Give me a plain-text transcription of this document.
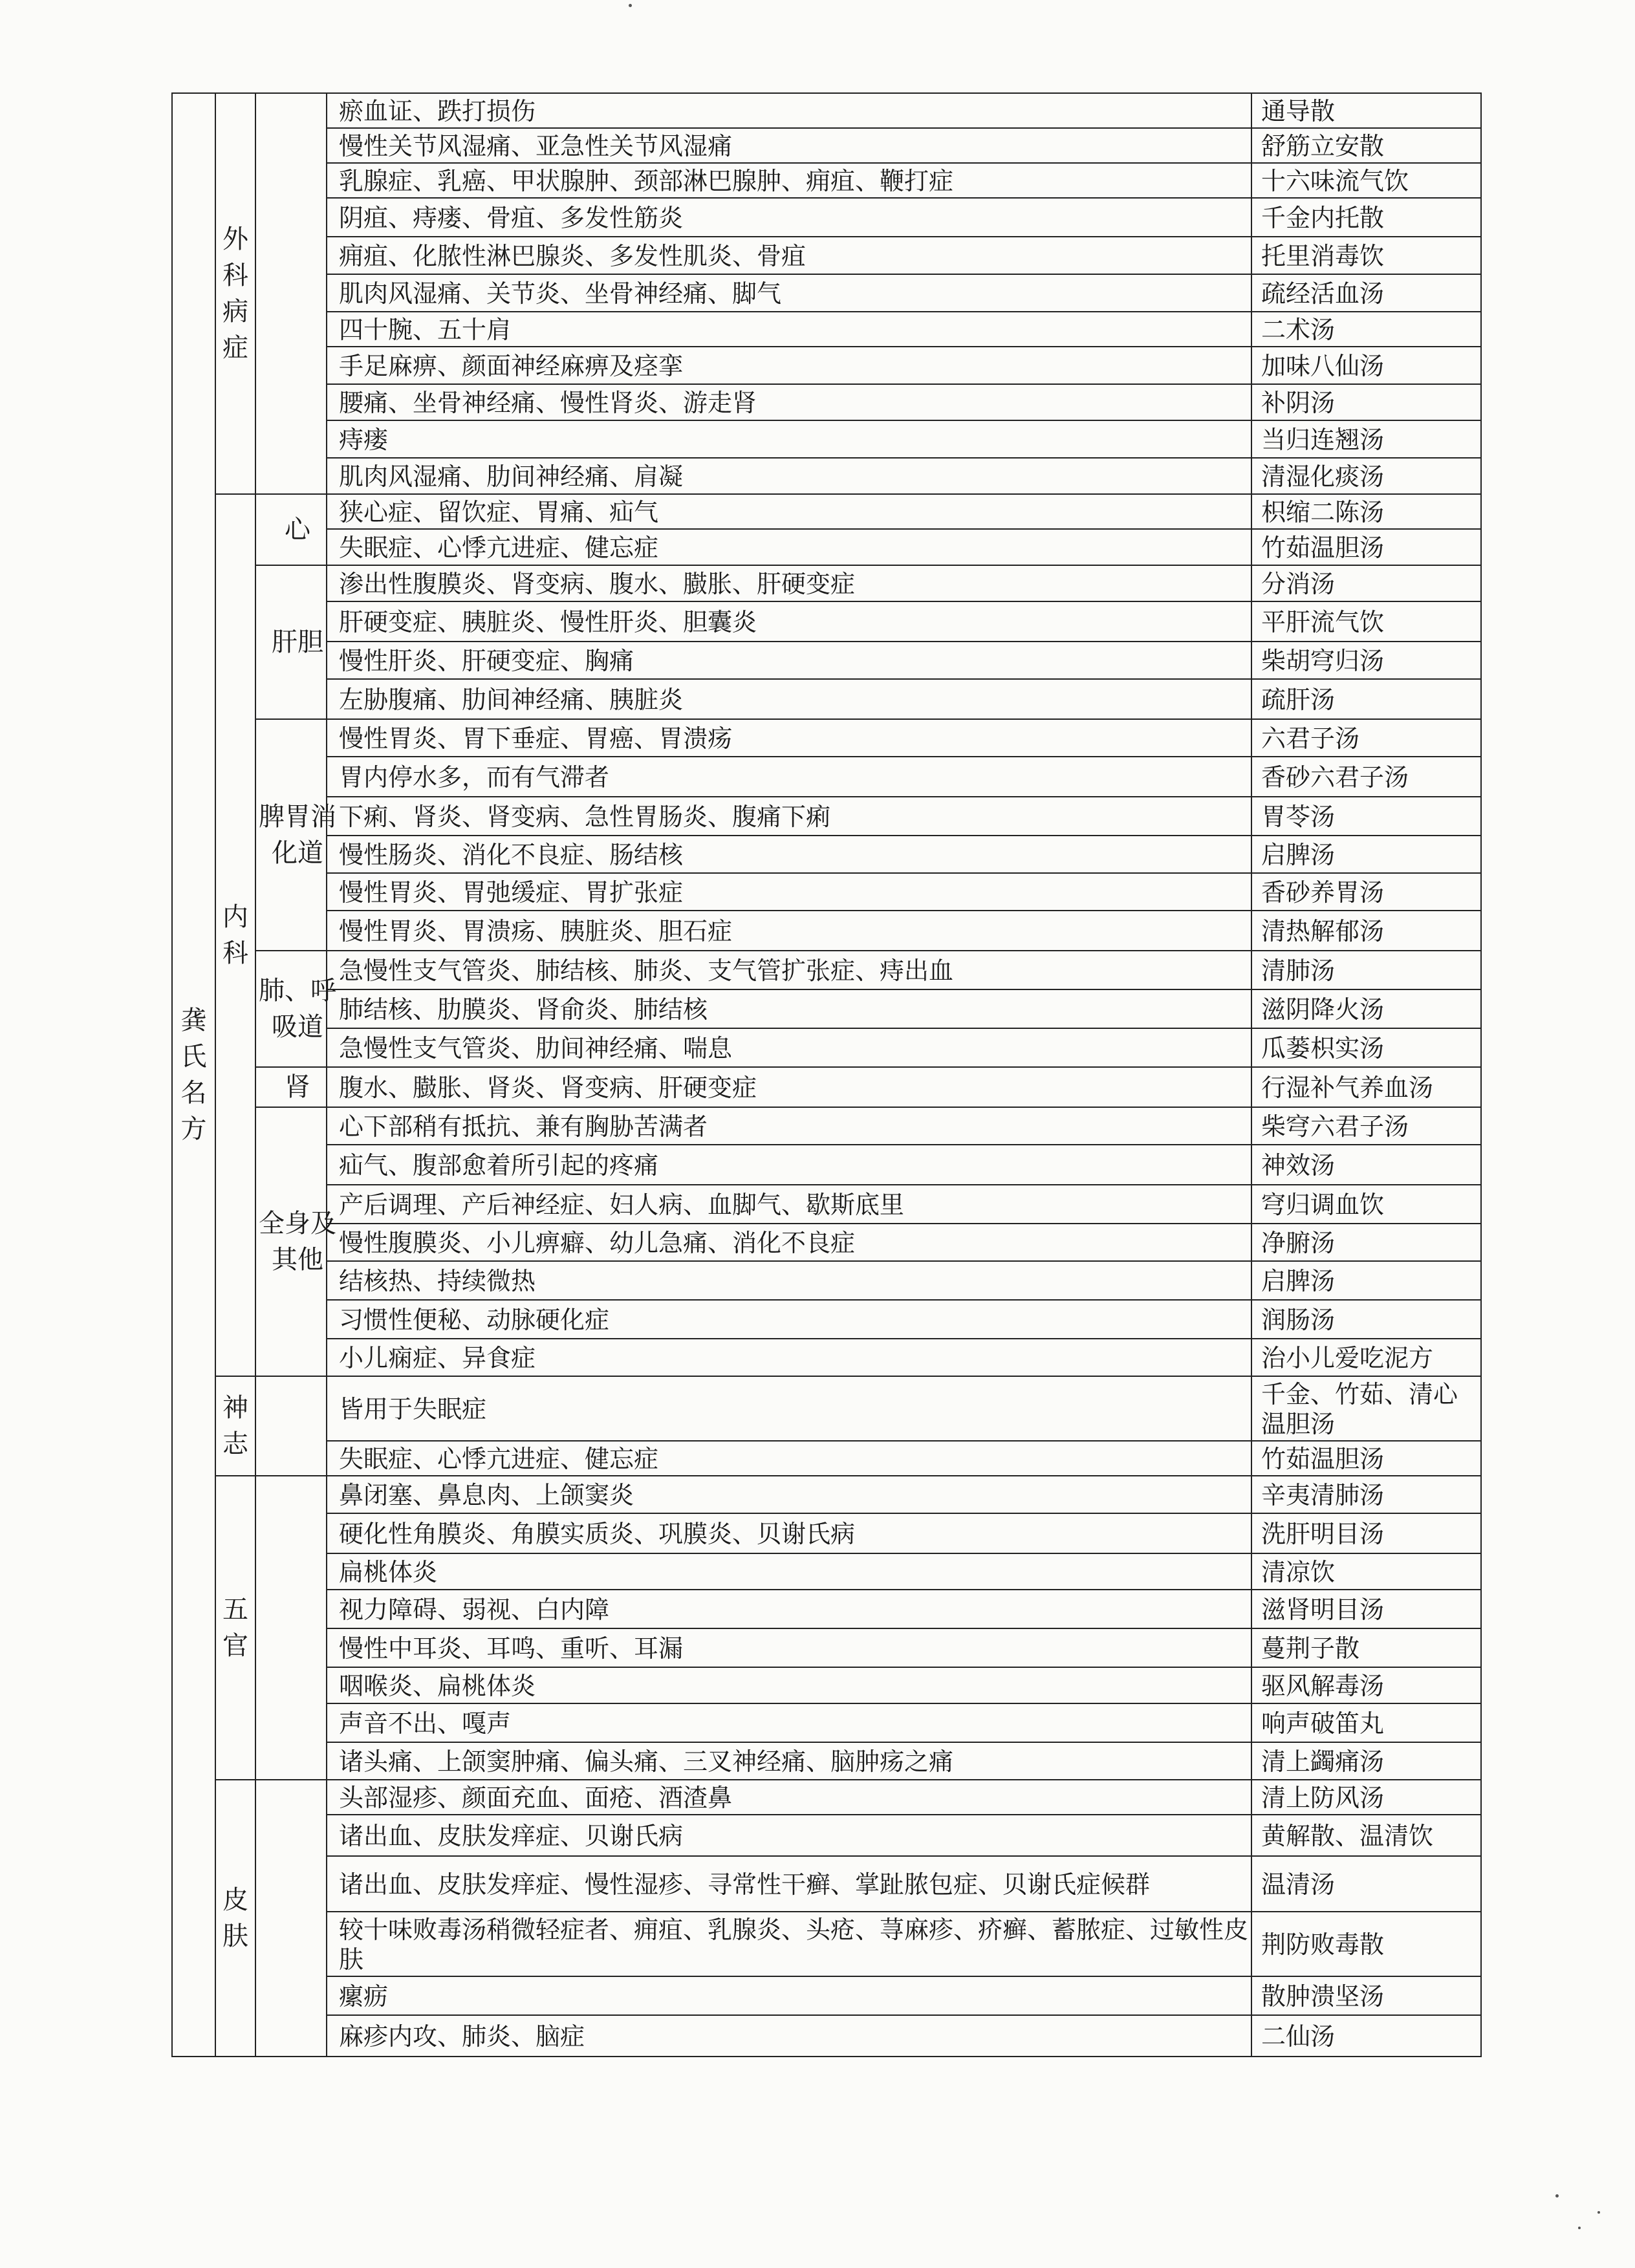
龚氏名方	外科病症		瘀血证、跌打损伤	通导散
			慢性关节风湿痛、亚急性关节风湿痛	舒筋立安散
			乳腺症、乳癌、甲状腺肿、颈部淋巴腺肿、痈疽、鞭打症	十六味流气饮
			阴疽、痔瘘、骨疽、多发性筋炎	千金内托散
			痈疽、化脓性淋巴腺炎、多发性肌炎、骨疽	托里消毒饮
			肌肉风湿痛、关节炎、坐骨神经痛、脚气	疏经活血汤
			四十腕、五十肩	二术汤
			手足麻痹、颜面神经麻痹及痉挛	加味八仙汤
			腰痛、坐骨神经痛、慢性肾炎、游走肾	补阴汤
			痔瘘	当归连翘汤
			肌肉风湿痛、肋间神经痛、肩凝	清湿化痰汤
	内科	心	狭心症、留饮症、胃痛、疝气	枳缩二陈汤
			失眠症、心悸亢进症、健忘症	竹茹温胆汤
		肝胆	渗出性腹膜炎、肾变病、腹水、臌胀、肝硬变症	分消汤
			肝硬变症、胰脏炎、慢性肝炎、胆囊炎	平肝流气饮
			慢性肝炎、肝硬变症、胸痛	柴胡穹归汤
			左胁腹痛、肋间神经痛、胰脏炎	疏肝汤
		脾胃消化道	慢性胃炎、胃下垂症、胃癌、胃溃疡	六君子汤
			胃内停水多，而有气滞者	香砂六君子汤
			下痢、肾炎、肾变病、急性胃肠炎、腹痛下痢	胃苓汤
			慢性肠炎、消化不良症、肠结核	启脾汤
			慢性胃炎、胃弛缓症、胃扩张症	香砂养胃汤
			慢性胃炎、胃溃疡、胰脏炎、胆石症	清热解郁汤
		肺、呼吸道	急慢性支气管炎、肺结核、肺炎、支气管扩张症、痔出血	清肺汤
			肺结核、肋膜炎、肾俞炎、肺结核	滋阴降火汤
			急慢性支气管炎、肋间神经痛、喘息	瓜蒌枳实汤
		肾	腹水、臌胀、肾炎、肾变病、肝硬变症	行湿补气养血汤
		全身及其他	心下部稍有抵抗、兼有胸胁苦满者	柴穹六君子汤
			疝气、腹部愈着所引起的疼痛	神效汤
			产后调理、产后神经症、妇人病、血脚气、歇斯底里	穹归调血饮
			慢性腹膜炎、小儿痹癖、幼儿急痛、消化不良症	净腑汤
			结核热、持续微热	启脾汤
			习惯性便秘、动脉硬化症	润肠汤
			小儿痫症、异食症	治小儿爱吃泥方
	神志		皆用于失眠症	千金、竹茹、清心温胆汤
			失眠症、心悸亢进症、健忘症	竹茹温胆汤
	五官		鼻闭塞、鼻息肉、上颌窦炎	辛夷清肺汤
			硬化性角膜炎、角膜实质炎、巩膜炎、贝谢氏病	洗肝明目汤
			扁桃体炎	清凉饮
			视力障碍、弱视、白内障	滋肾明目汤
			慢性中耳炎、耳鸣、重听、耳漏	蔓荆子散
			咽喉炎、扁桃体炎	驱风解毒汤
			声音不出、嘎声	响声破笛丸
			诸头痛、上颌窦肿痛、偏头痛、三叉神经痛、脑肿疡之痛	清上蠲痛汤
	皮肤		头部湿疹、颜面充血、面疮、酒渣鼻	清上防风汤
			诸出血、皮肤发痒症、贝谢氏病	黄解散、温清饮
			诸出血、皮肤发痒症、慢性湿疹、寻常性干癣、掌趾脓包症、贝谢氏症候群	温清汤
			较十味败毒汤稍微轻症者、痈疽、乳腺炎、头疮、荨麻疹、疥癣、蓄脓症、过敏性皮肤	荆防败毒散
			瘰疬	散肿溃坚汤
			麻疹内攻、肺炎、脑症	二仙汤
